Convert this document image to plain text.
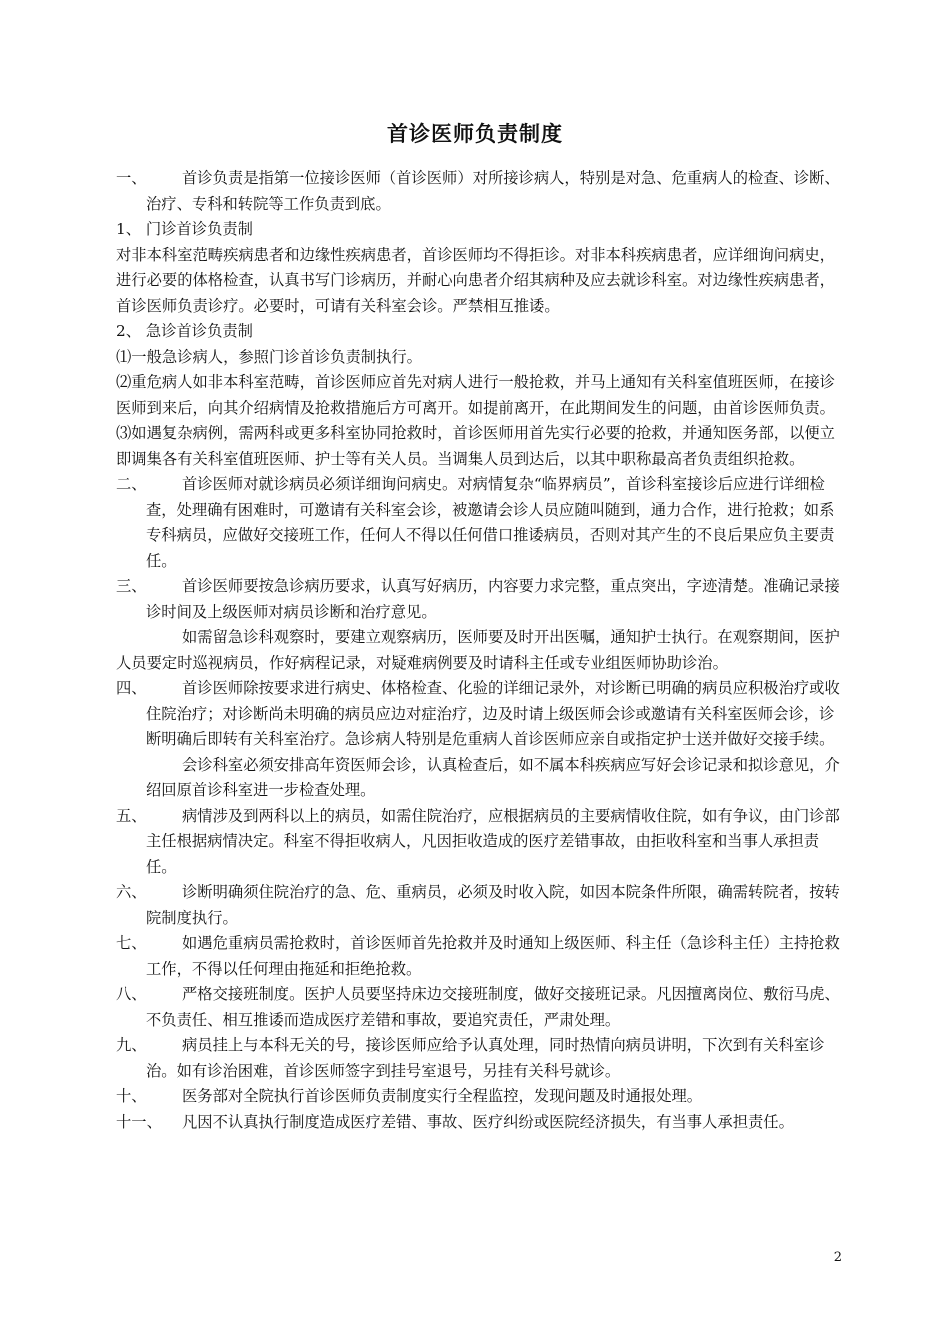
首诊医师负责制度

一、 首诊负责是指第一位接诊医师（首诊医师）对所接诊病人，特别是对急、危重病人的检查、诊断、治疗、专科和转院等工作负责到底。

1、 门诊首诊负责制

对非本科室范畴疾病患者和边缘性疾病患者，首诊医师均不得拒诊。对非本科疾病患者，应详细询问病史，进行必要的体格检查，认真书写门诊病历，并耐心向患者介绍其病种及应去就诊科室。对边缘性疾病患者，首诊医师负责诊疗。必要时，可请有关科室会诊。严禁相互推诿。

2、 急诊首诊负责制

⑴一般急诊病人，参照门诊首诊负责制执行。

⑵重危病人如非本科室范畴，首诊医师应首先对病人进行一般抢救，并马上通知有关科室值班医师，在接诊医师到来后，向其介绍病情及抢救措施后方可离开。如提前离开，在此期间发生的问题，由首诊医师负责。

⑶如遇复杂病例，需两科或更多科室协同抢救时，首诊医师用首先实行必要的抢救，并通知医务部，以便立即调集各有关科室值班医师、护士等有关人员。当调集人员到达后，以其中职称最高者负责组织抢救。

二、 首诊医师对就诊病员必须详细询问病史。对病情复杂“临界病员”，首诊科室接诊后应进行详细检查，处理确有困难时，可邀请有关科室会诊，被邀请会诊人员应随叫随到，通力合作，进行抢救；如系专科病员，应做好交接班工作，任何人不得以任何借口推诿病员，否则对其产生的不良后果应负主要责任。

三、 首诊医师要按急诊病历要求，认真写好病历，内容要力求完整，重点突出，字迹清楚。准确记录接诊时间及上级医师对病员诊断和治疗意见。

如需留急诊科观察时，要建立观察病历，医师要及时开出医嘱，通知护士执行。在观察期间，医护人员要定时巡视病员，作好病程记录，对疑难病例要及时请科主任或专业组医师协助诊治。

四、 首诊医师除按要求进行病史、体格检查、化验的详细记录外，对诊断已明确的病员应积极治疗或收住院治疗；对诊断尚未明确的病员应边对症治疗，边及时请上级医师会诊或邀请有关科室医师会诊，诊断明确后即转有关科室治疗。急诊病人特别是危重病人首诊医师应亲自或指定护士送并做好交接手续。

会诊科室必须安排高年资医师会诊，认真检查后，如不属本科疾病应写好会诊记录和拟诊意见，介绍回原首诊科室进一步检查处理。

五、 病情涉及到两科以上的病员，如需住院治疗，应根据病员的主要病情收住院，如有争议，由门诊部主任根据病情决定。科室不得拒收病人，凡因拒收造成的医疗差错事故，由拒收科室和当事人承担责任。

六、 诊断明确须住院治疗的急、危、重病员，必须及时收入院，如因本院条件所限，确需转院者，按转院制度执行。

七、 如遇危重病员需抢救时，首诊医师首先抢救并及时通知上级医师、科主任（急诊科主任）主持抢救工作，不得以任何理由拖延和拒绝抢救。

八、 严格交接班制度。医护人员要坚持床边交接班制度，做好交接班记录。凡因擅离岗位、敷衍马虎、不负责任、相互推诿而造成医疗差错和事故，要追究责任，严肃处理。

九、 病员挂上与本科无关的号，接诊医师应给予认真处理，同时热情向病员讲明，下次到有关科室诊治。如有诊治困难，首诊医师签字到挂号室退号，另挂有关科号就诊。

十、 医务部对全院执行首诊医师负责制度实行全程监控，发现问题及时通报处理。

十一、 凡因不认真执行制度造成医疗差错、事故、医疗纠纷或医院经济损失，有当事人承担责任。

2
